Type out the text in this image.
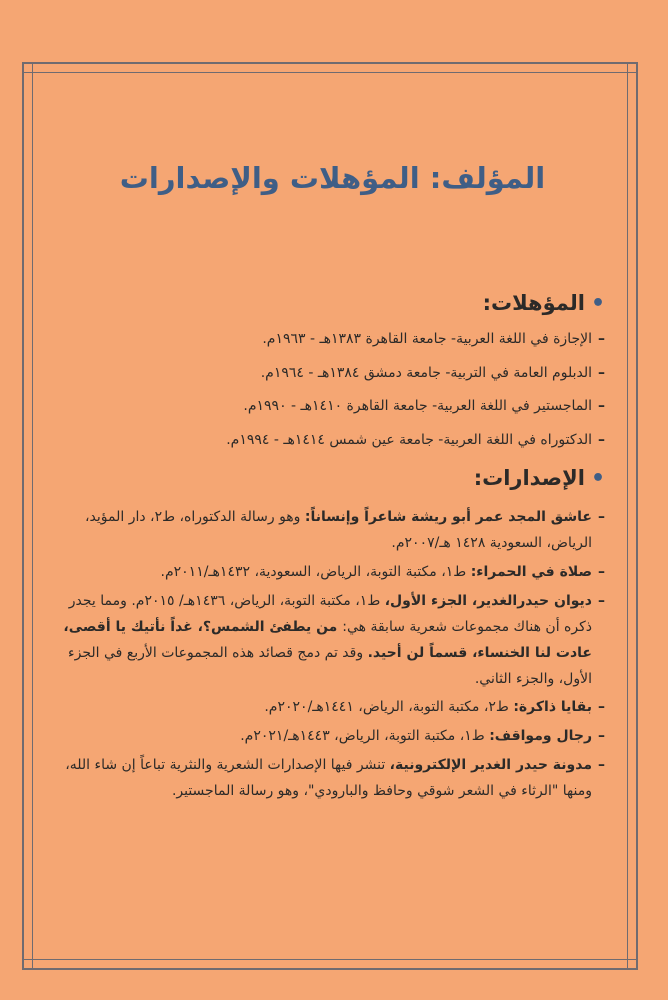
المؤلف: المؤهلات والإصدارات
•
المؤهلات:
–
الإجازة في اللغة العربية- جامعة القاهرة ١٣٨٣هـ - ١٩٦٣م.
–
الدبلوم العامة في التربية- جامعة دمشق ١٣٨٤هـ - ١٩٦٤م.
–
الماجستير في اللغة العربية- جامعة القاهرة ١٤١٠هـ - ١٩٩٠م.
–
الدكتوراه في اللغة العربية- جامعة عين شمس ١٤١٤هـ - ١٩٩٤م.
•
الإصدارات:
–
عاشق المجد عمر أبو ريشة شاعراً وإنساناً: وهو رسالة الدكتوراه، ط٢، دار المؤيد، الرياض، السعودية ١٤٢٨ هـ/٢٠٠٧م.
–
صلاة في الحمراء: ط١، مكتبة التوبة، الرياض، السعودية، ١٤٣٢هـ/٢٠١١م.
–
ديوان حيدرالغدير، الجزء الأول، ط١، مكتبة التوبة، الرياض، ١٤٣٦هـ/ ٢٠١٥م. ومما يجدر ذكره أن هناك مجموعات شعرية سابقة هي: من يطفئ الشمس؟، غداً نأتيك يا أقصى، عادت لنا الخنساء، قسماً لن أحيد. وقد تم دمج قصائد هذه المجموعات الأربع في الجزء الأول، والجزء الثاني.
–
بقايا ذاكرة: ط٢، مكتبة التوبة، الرياض، ١٤٤١هـ/٢٠٢٠م.
–
رجال ومواقف: ط١، مكتبة التوبة، الرياض، ١٤٤٣هـ/٢٠٢١م.
–
مدونة حيدر الغدير الإلكترونية، تنشر فيها الإصدارات الشعرية والنثرية تباعاً إن شاء الله، ومنها "الرثاء في الشعر شوقي وحافظ والبارودي"، وهو رسالة الماجستير.
